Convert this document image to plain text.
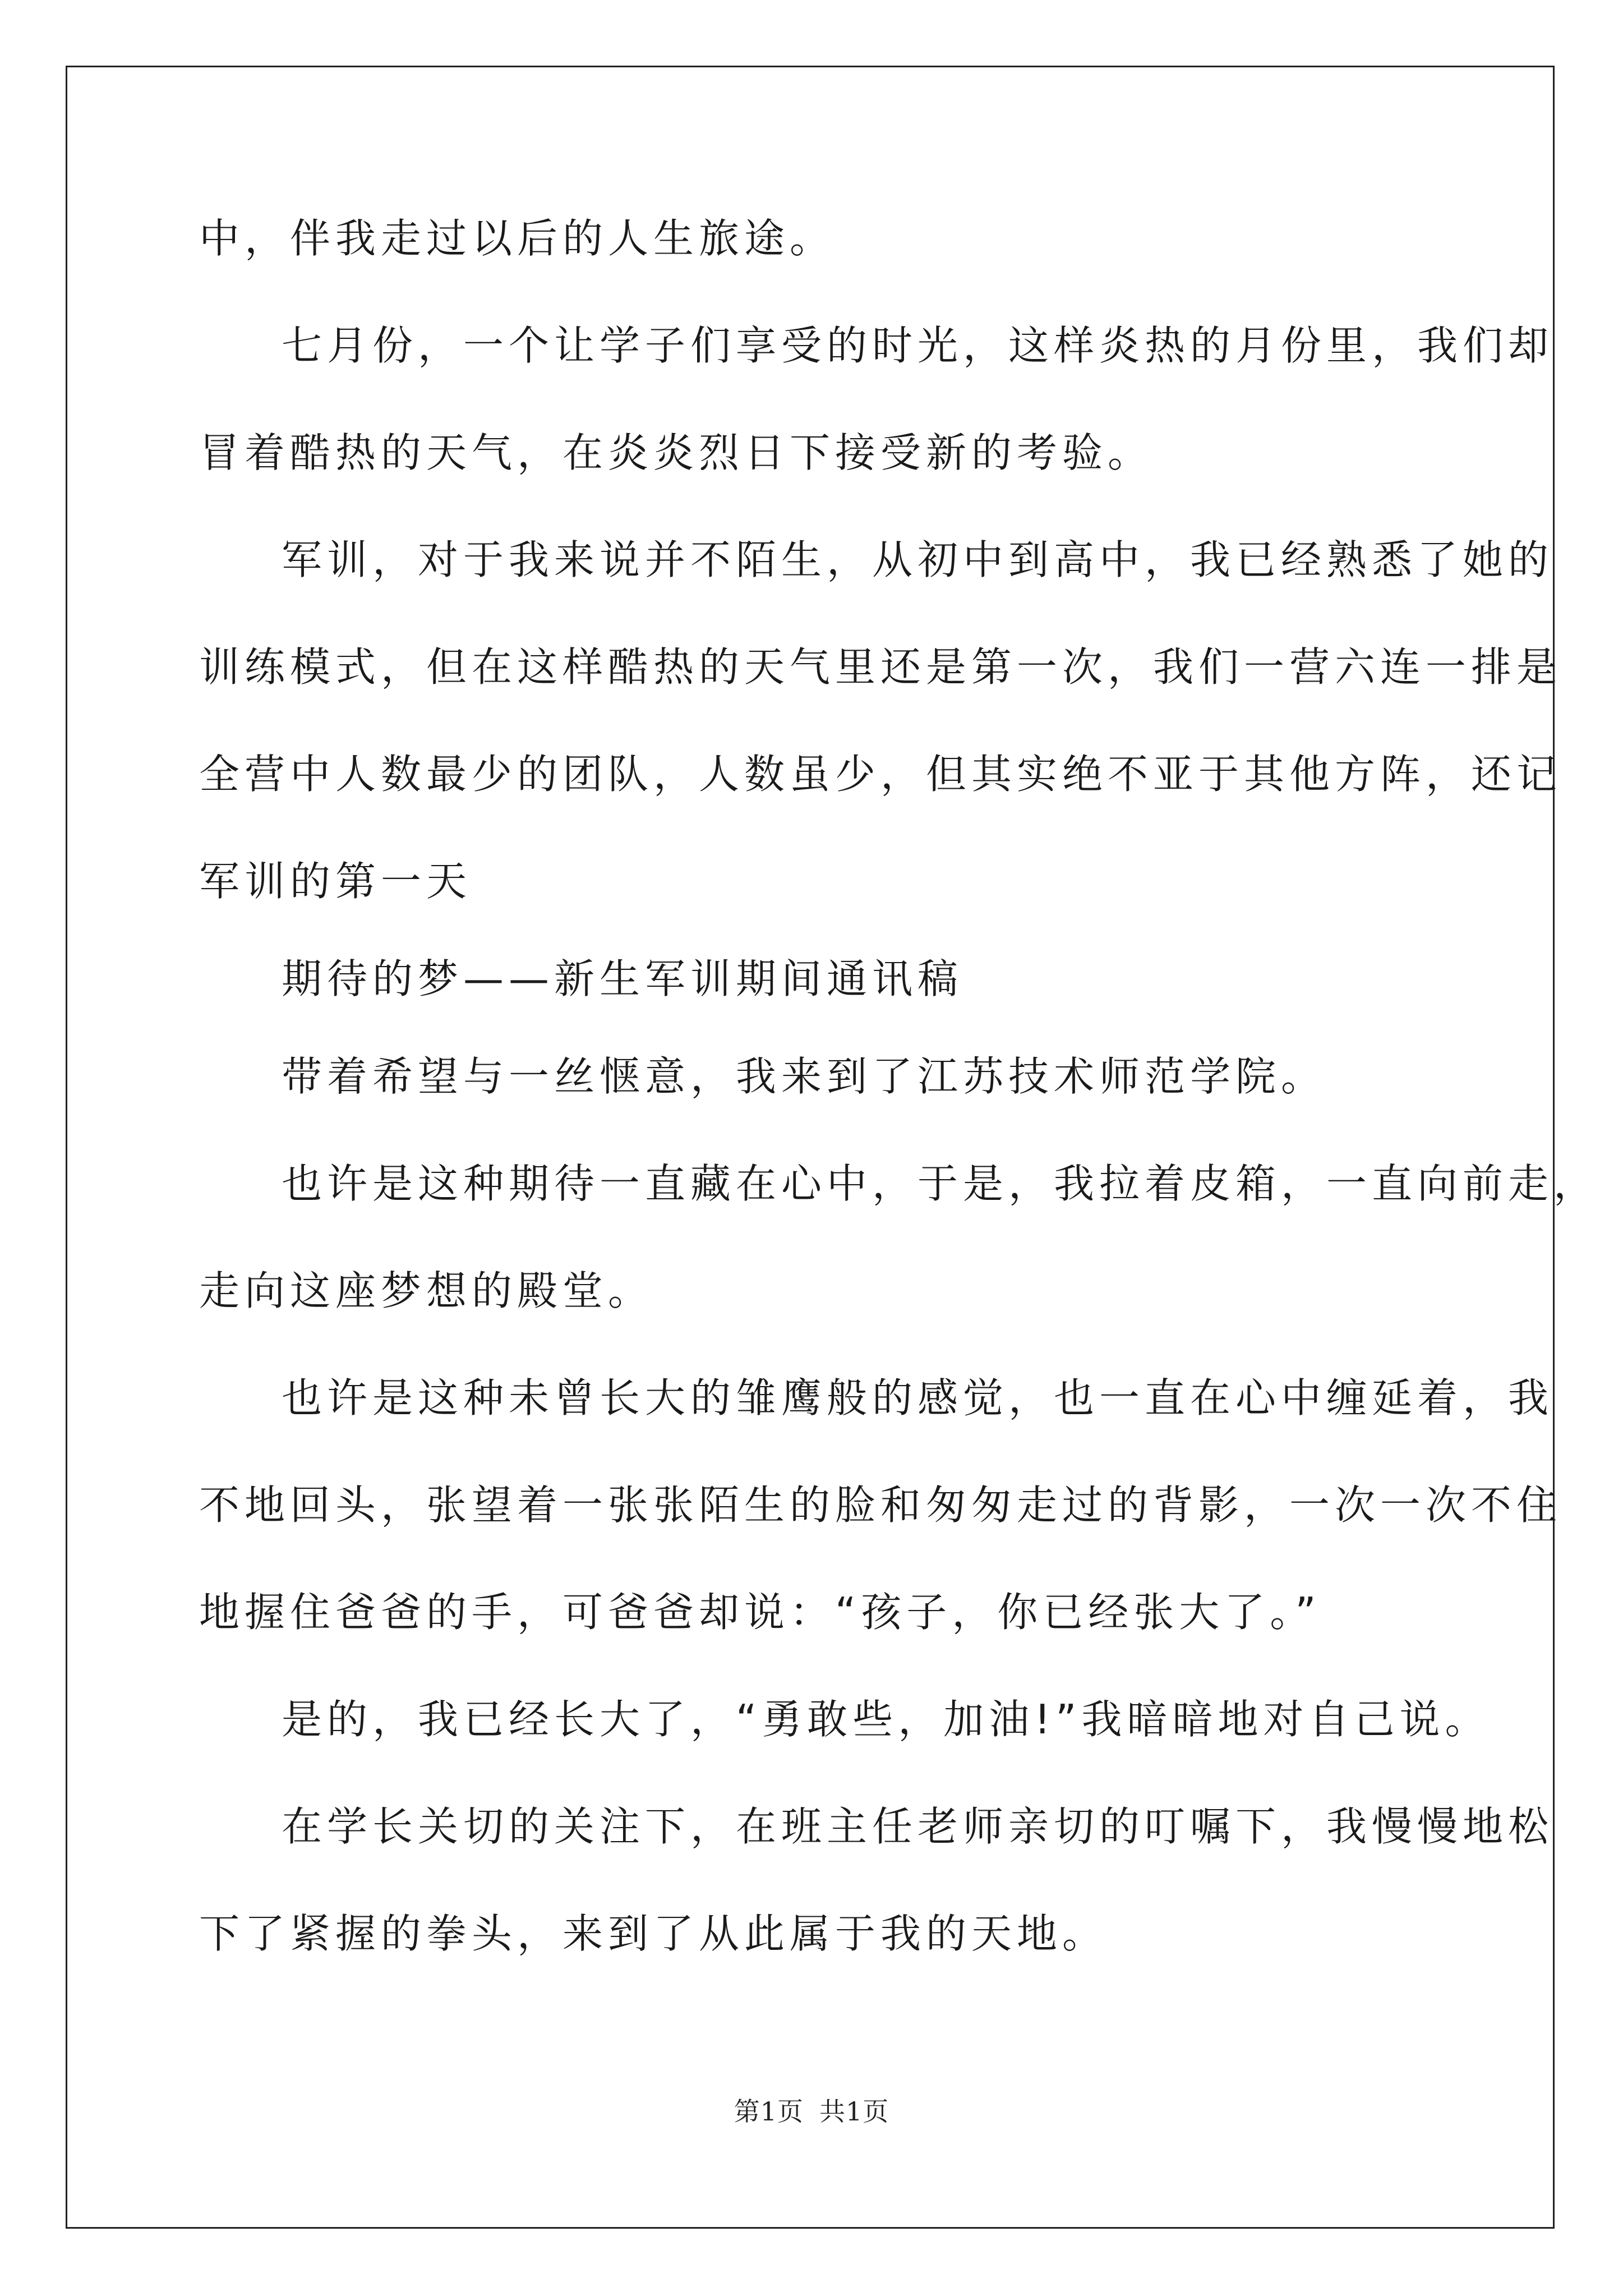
中，伴我走过以后的人生旅途。
七月份，一个让学子们享受的时光，这样炎热的月份里，我们却
冒着酷热的天气，在炎炎烈日下接受新的考验。
军训，对于我来说并不陌生，从初中到高中，我已经熟悉了她的
训练模式，但在这样酷热的天气里还是第一次，我们一营六连一排是
全营中人数最少的团队，人数虽少，但其实绝不亚于其他方阵，还记
军训的第一天
期待的梦——新生军训期间通讯稿
带着希望与一丝惬意，我来到了江苏技术师范学院。
也许是这种期待一直藏在心中，于是，我拉着皮箱，一直向前走，
走向这座梦想的殿堂。
也许是这种未曾长大的雏鹰般的感觉，也一直在心中缠延着，我
不地回头，张望着一张张陌生的脸和匆匆走过的背影，一次一次不住
地握住爸爸的手，可爸爸却说：“孩子，你已经张大了。”
是的，我已经长大了，“勇敢些，加油!”我暗暗地对自己说。
在学长关切的关注下，在班主任老师亲切的叮嘱下，我慢慢地松
下了紧握的拳头，来到了从此属于我的天地。
第1页 共1页
